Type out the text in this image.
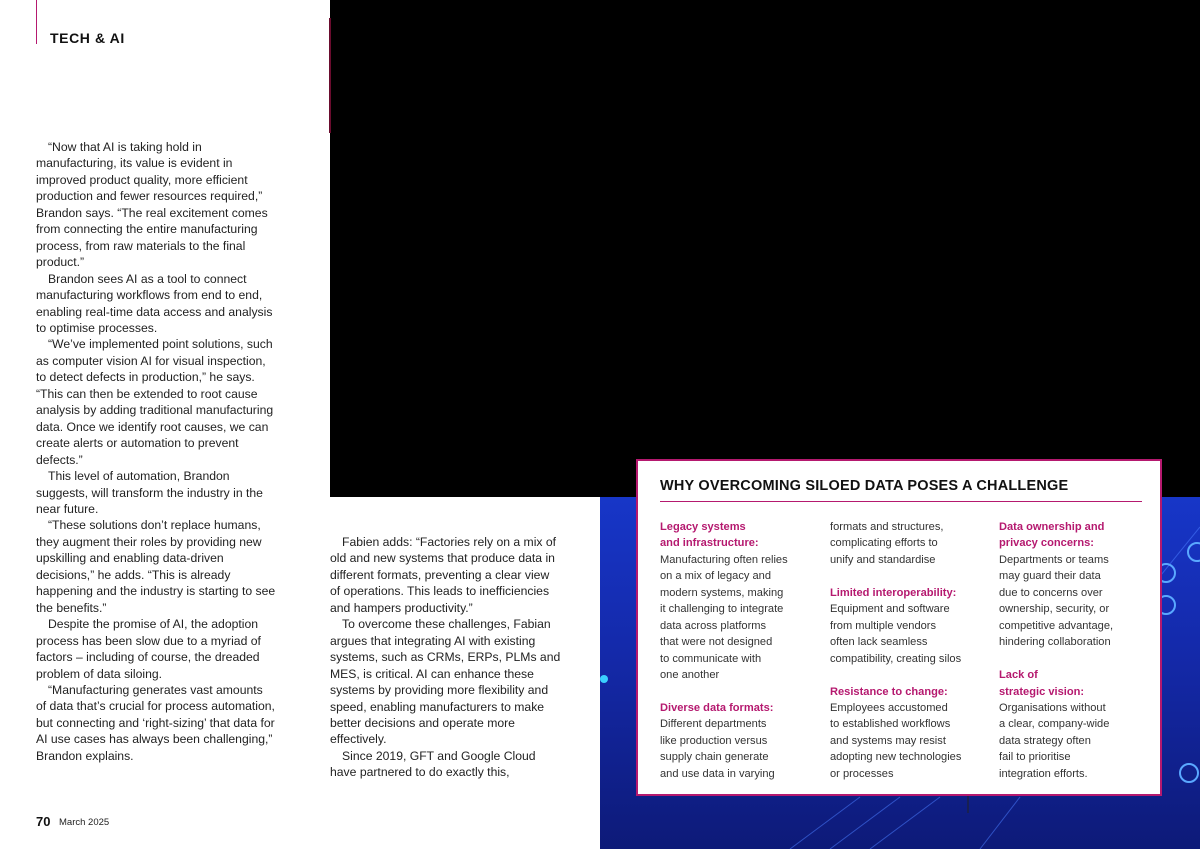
TECH & AI

“Now that AI is taking hold in manufacturing, its value is evident in improved product quality, more efficient production and fewer resources required,” Brandon says. “The real excitement comes from connecting the entire manufacturing process, from raw materials to the final product.”

Brandon sees AI as a tool to connect manufacturing workflows from end to end, enabling real-time data access and analysis to optimise processes.

“We’ve implemented point solutions, such as computer vision AI for visual inspection, to detect defects in production,” he says. “This can then be extended to root cause analysis by adding traditional manufacturing data. Once we identify root causes, we can create alerts or automation to prevent defects.”

This level of automation, Brandon suggests, will transform the industry in the near future.

“These solutions don’t replace humans, they augment their roles by providing new upskilling and enabling data-driven decisions,” he adds. “This is already happening and the industry is starting to see the benefits.”

Despite the promise of AI, the adoption process has been slow due to a myriad of factors – including of course, the dreaded problem of data siloing.

“Manufacturing generates vast amounts of data that’s crucial for process automation, but connecting and ‘right-sizing’ that data for AI use cases has always been challenging,” Brandon explains.

Fabien adds: “Factories rely on a mix of old and new systems that produce data in different formats, preventing a clear view of operations. This leads to inefficiencies and hampers productivity.”

To overcome these challenges, Fabian argues that integrating AI with existing systems, such as CRMs, ERPs, PLMs and MES, is critical. AI can enhance these systems by providing more flexibility and speed, enabling manufacturers to make better decisions and operate more effectively.

Since 2019, GFT and Google Cloud have partnered to do exactly this,

WHY OVERCOMING SILOED DATA POSES A CHALLENGE
Legacy systems
and infrastructure:
Manufacturing often relies
on a mix of legacy and
modern systems, making
it challenging to integrate
data across platforms
that were not designed
to communicate with
one another
Diverse data formats:
Different departments
like production versus
supply chain generate
and use data in varying
formats and structures,
complicating efforts to
unify and standardise
Limited interoperability:
Equipment and software
from multiple vendors
often lack seamless
compatibility, creating silos
Resistance to change:
Employees accustomed
to established workflows
and systems may resist
adopting new technologies
or processes
Data ownership and
privacy concerns:
Departments or teams
may guard their data
due to concerns over
ownership, security, or
competitive advantage,
hindering collaboration
Lack of
strategic vision:
Organisations without
a clear, company-wide
data strategy often
fail to prioritise
integration efforts.
70 March 2025
